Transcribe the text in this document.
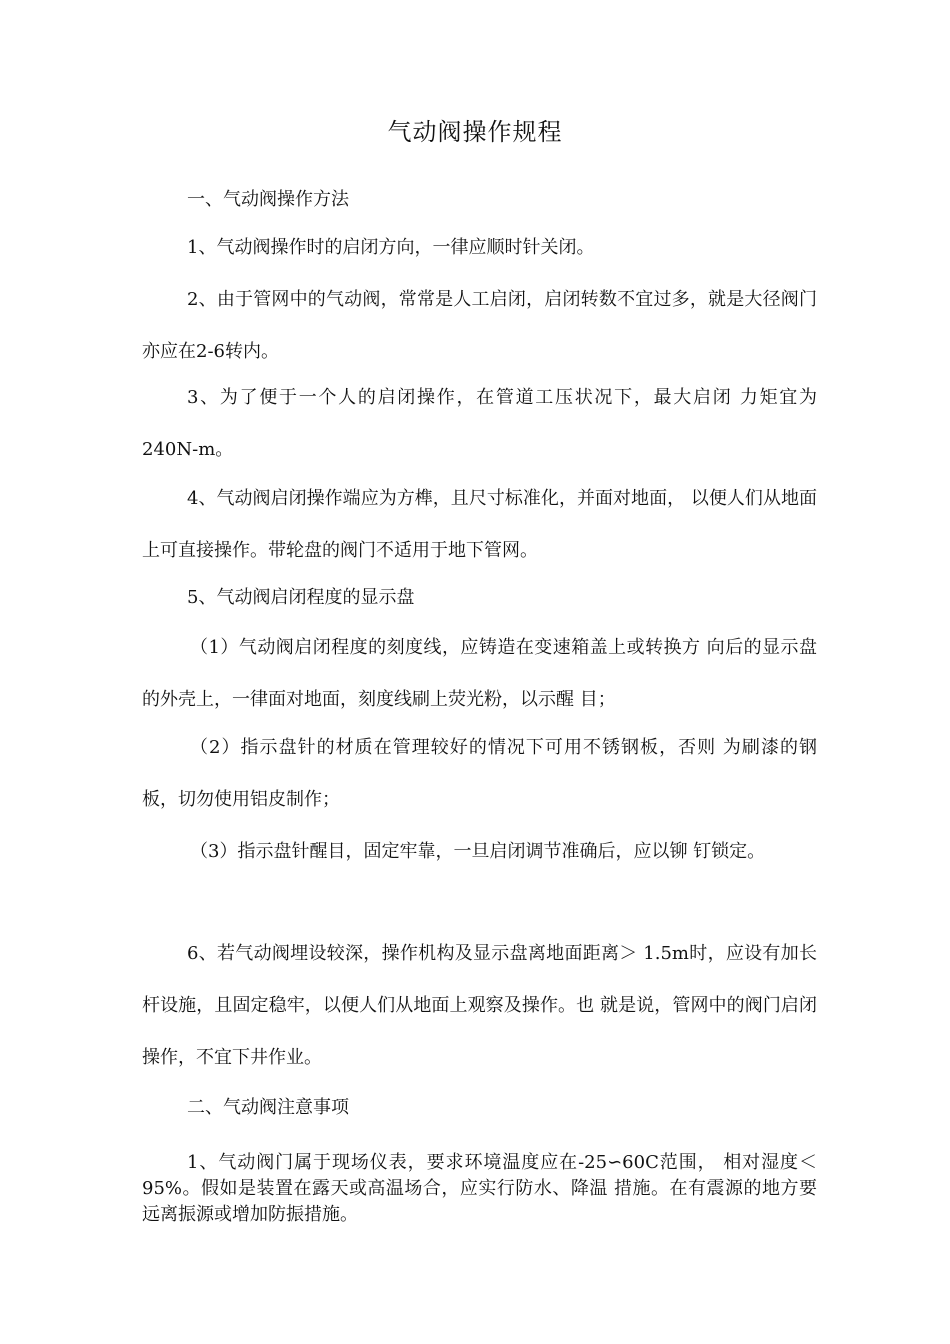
气动阀操作规程
一、气动阀操作方法
1、气动阀操作时的启闭方向，一律应顺时针关闭。
2、由于管网中的气动阀，常常是人工启闭，启闭转数不宜过多，就是大径阀门亦应在2-6转内。
3、为了便于一个人的启闭操作，在管道工压状况下，最大启闭 力矩宜为240N-m。
4、气动阀启闭操作端应为方榫，且尺寸标准化，并面对地面， 以便人们从地面上可直接操作。带轮盘的阀门不适用于地下管网。
5、气动阀启闭程度的显示盘
（1）气动阀启闭程度的刻度线，应铸造在变速箱盖上或转换方 向后的显示盘的外壳上，一律面对地面，刻度线刷上荧光粉，以示醒 目；
（2）指示盘针的材质在管理较好的情况下可用不锈钢板，否则 为刷漆的钢板，切勿使用铝皮制作；
（3）指示盘针醒目，固定牢靠，一旦启闭调节准确后，应以铆 钉锁定。
6、若气动阀埋设较深，操作机构及显示盘离地面距离＞ 1.5m时，应设有加长杆设施，且固定稳牢，以便人们从地面上观察及操作。也 就是说，管网中的阀门启闭操作，不宜下井作业。
二、气动阀注意事项
1、气动阀门属于现场仪表，要求环境温度应在-25∽60C范围， 相对湿度＜95%。假如是装置在露天或高温场合，应实行防水、降温 措施。在有震源的地方要远离振源或增加防振措施。
